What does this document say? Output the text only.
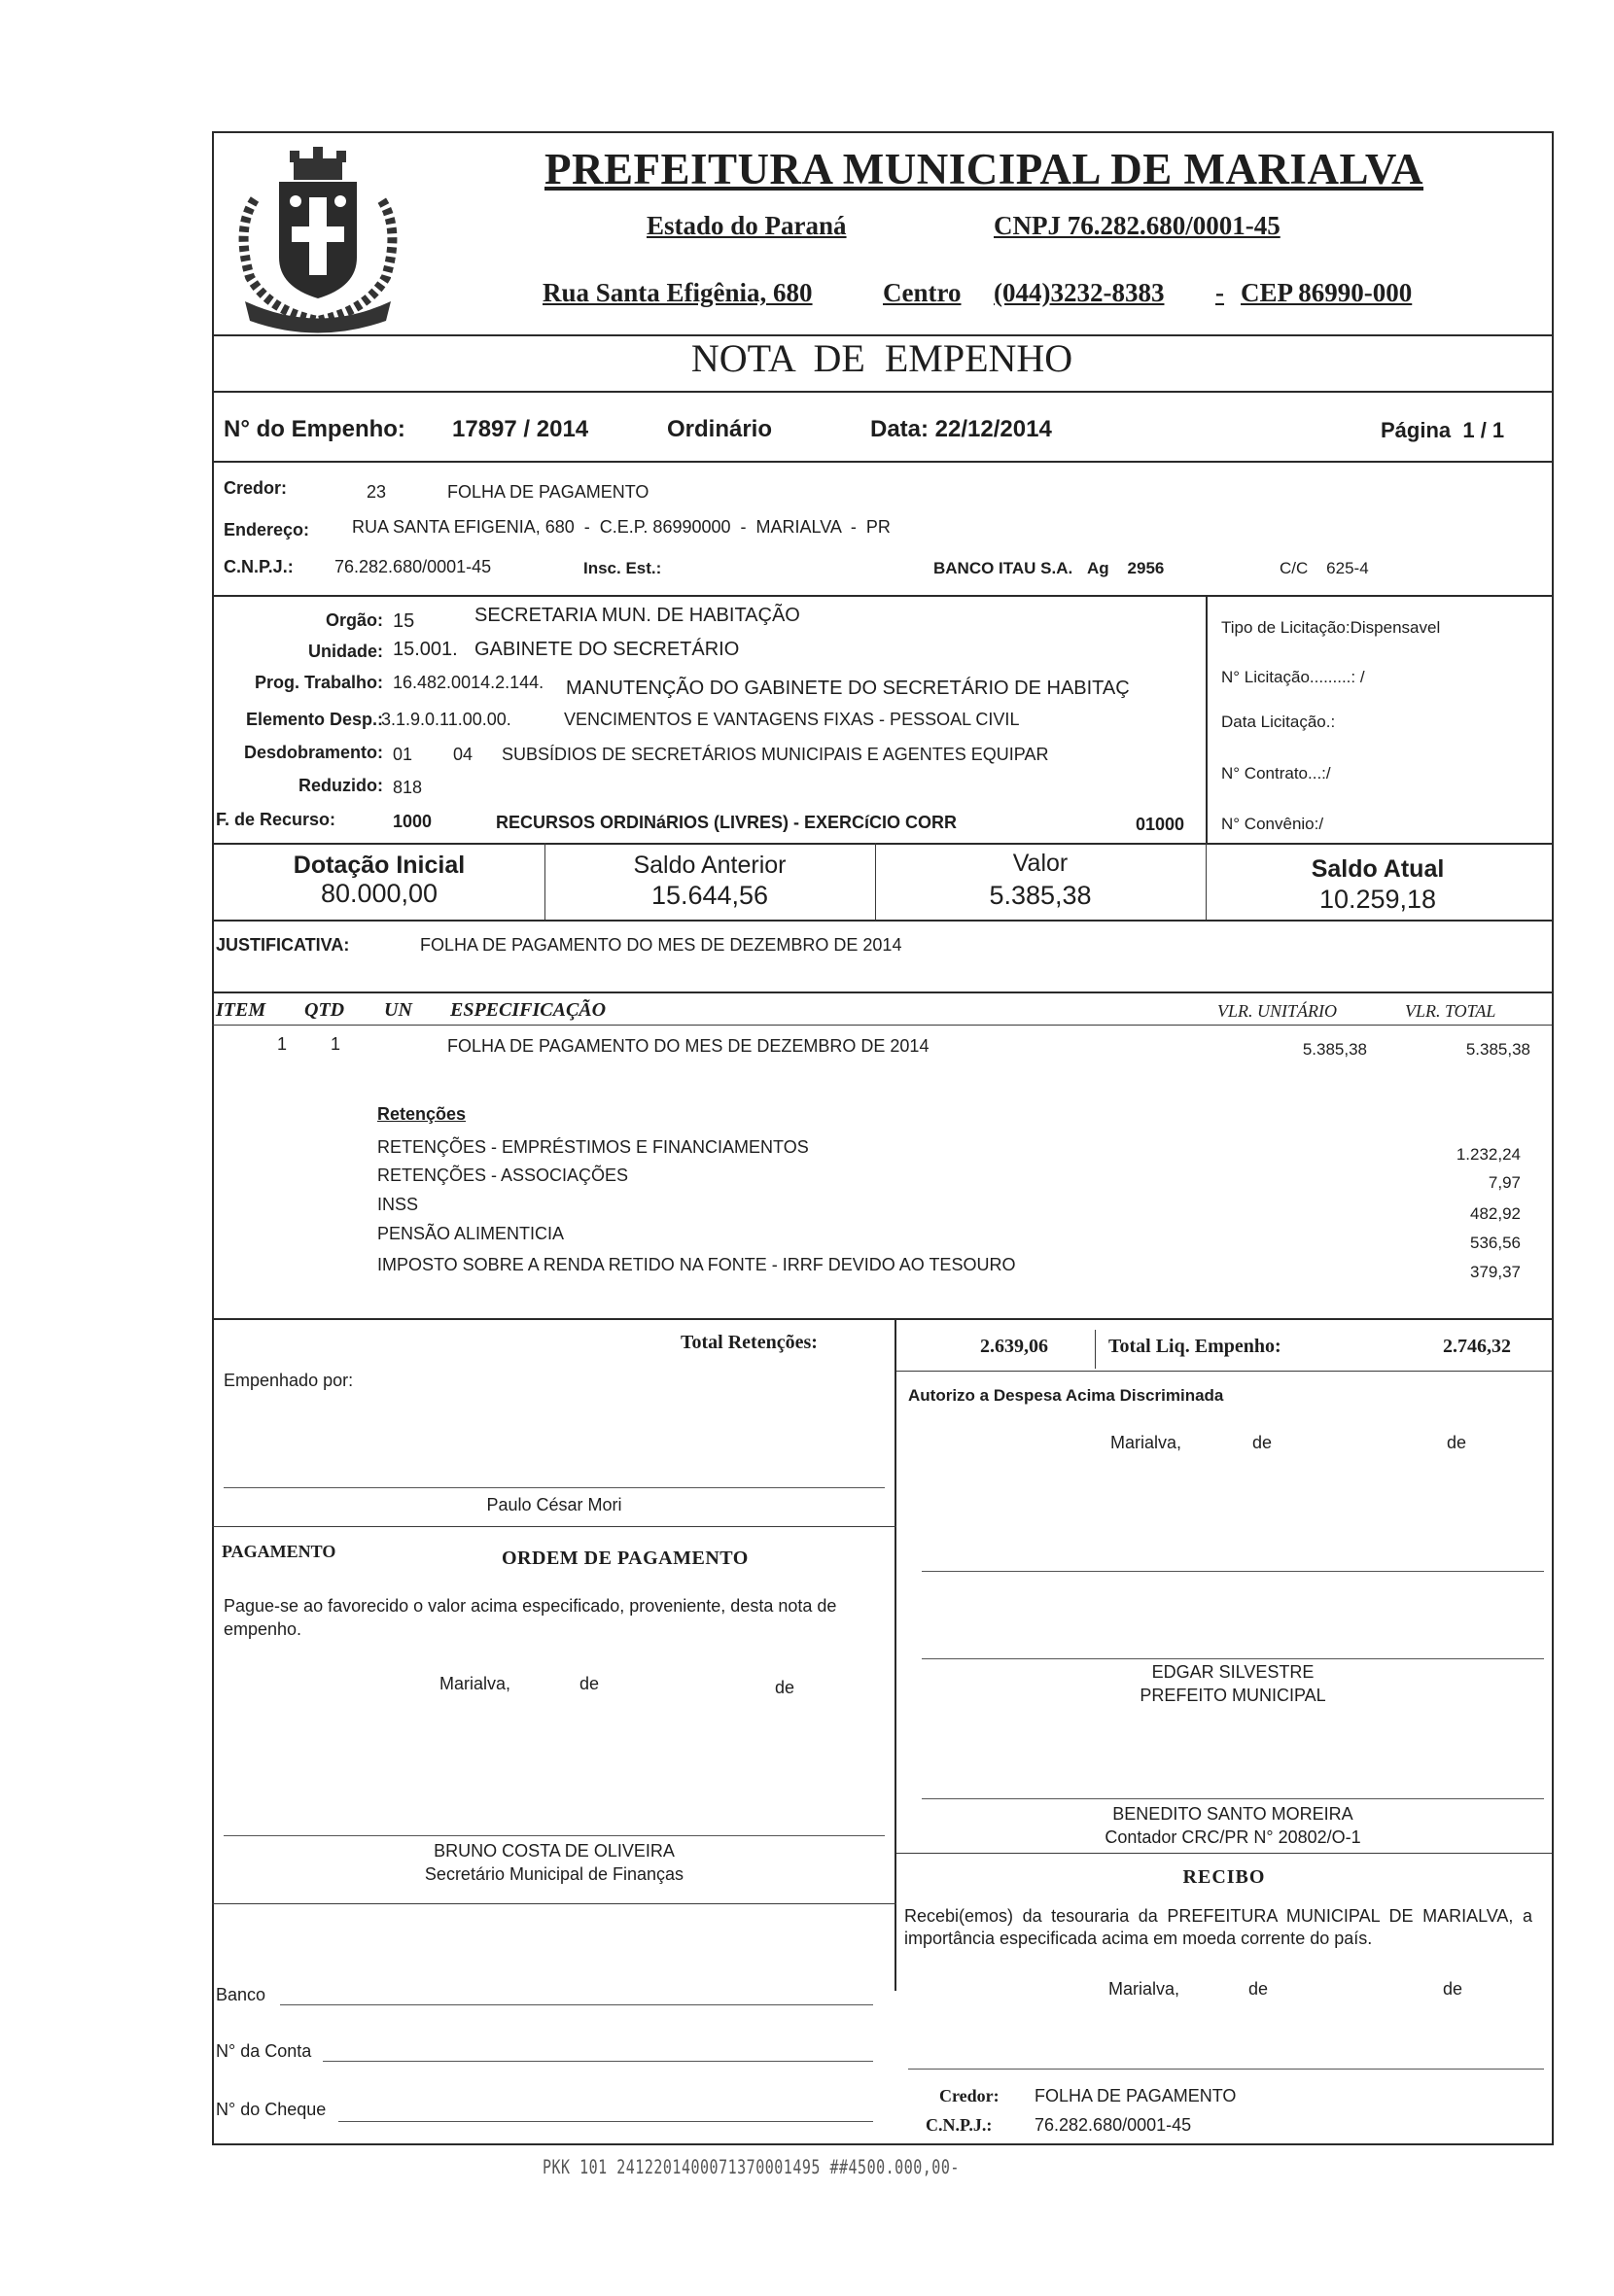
PREFEITURA MUNICIPAL DE MARIALVA
Estado do Paraná	CNPJ 76.282.680/0001-45
Rua Santa Efigênia, 680	Centro (044)3232-8383 - CEP 86990-000
NOTA  DE  EMPENHO
N° do Empenho: 17897 / 2014	Ordinário	Data: 22/12/2014	Página  1 / 1
Credor:	23	FOLHA DE PAGAMENTO
Endereço: RUA SANTA EFIGENIA, 680  -  C.E.P. 86990000  -  MARIALVA  -  PR
C.N.P.J.: 76.282.680/0001-45	Insc. Est.:	BANCO ITAU S.A. Ag    2956	C/C    625-4
Orgão: 15	SECRETARIA MUN. DE HABITAÇÃO
Unidade: 15.001. GABINETE DO SECRETÁRIO
Prog. Trabalho: 16.482.0014.2.144. MANUTENÇÃO DO GABINETE DO SECRETÁRIO DE HABITAÇ
Elemento Desp.:
3.1.9.0.11.00.00.	VENCIMENTOS E VANTAGENS FIXAS - PESSOAL CIVIL
Desdobramento: 01 04 SUBSÍDIOS DE SECRETÁRIOS MUNICIPAIS E AGENTES EQUIPAR
Reduzido: 818
F. de Recurso:	1000	RECURSOS ORDINáRIOS (LIVRES) - EXERCíCIO CORR	01000
Tipo de Licitação:Dispensavel
N° Licitação.........: /
Data Licitação.:
N° Contrato...:/
N° Convênio:/
Dotação Inicial
80.000,00
Saldo Anterior
15.644,56
Valor
5.385,38
Saldo Atual
10.259,18
JUSTIFICATIVA:	FOLHA DE PAGAMENTO DO MES DE DEZEMBRO DE 2014
ITEM QTD UN ESPECIFICAÇÃO	VLR. UNITÁRIO	VLR. TOTAL
1 1	FOLHA DE PAGAMENTO DO MES DE DEZEMBRO DE 2014	5.385,38	5.385,38
Retenções
RETENÇÕES - EMPRÉSTIMOS E FINANCIAMENTOS	1.232,24
RETENÇÕES - ASSOCIAÇÕES	7,97
INSS	482,92
PENSÃO ALIMENTICIA	536,56
IMPOSTO SOBRE A RENDA RETIDO NA FONTE - IRRF DEVIDO AO TESOURO	379,37
Total Retenções:	2.639,06	Total Liq. Empenho:	2.746,32
Empenhado por:
Paulo César Mori
PAGAMENTO	ORDEM DE PAGAMENTO
Pague-se ao favorecido o valor acima especificado, proveniente, desta nota de empenho.
Marialva,	de	de
BRUNO COSTA DE OLIVEIRA
Secretário Municipal de Finanças
Banco
N° da Conta
N° do Cheque
Autorizo a Despesa Acima Discriminada
Marialva,	de	de
EDGAR SILVESTRE
PREFEITO MUNICIPAL
BENEDITO SANTO MOREIRA
Contador CRC/PR N° 20802/O-1
RECIBO
Recebi(emos) da tesouraria da PREFEITURA MUNICIPAL DE MARIALVA, a importância especificada acima em moeda corrente do país.
Marialva,	de	de
Credor: FOLHA DE PAGAMENTO
C.N.P.J.: 76.282.680/0001-45
PKK 101 2412201400071370001495 ##4500.000,00-
